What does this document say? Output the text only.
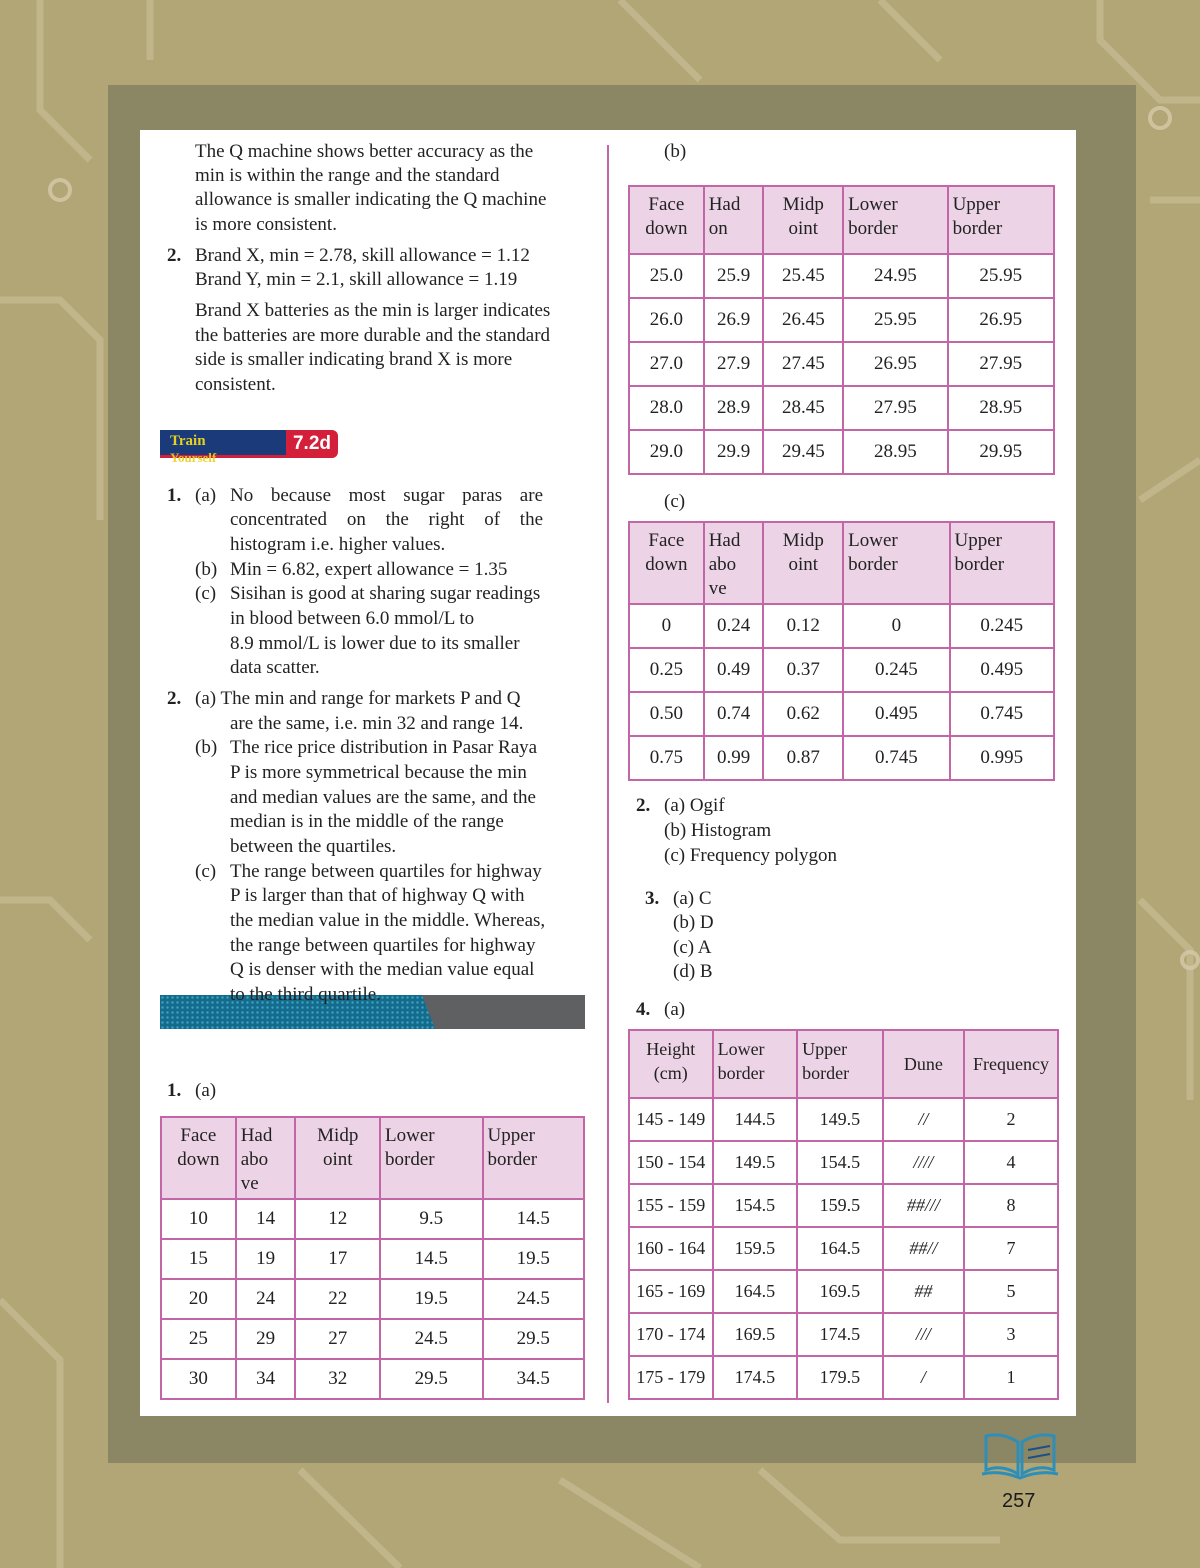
The Q machine shows better accuracy as the
min is within the range and the standard
allowance is smaller indicating the Q machine
is more consistent.
2. Brand X, min = 2.78, skill allowance = 1.12
Brand Y, min = 2.1, skill allowance = 1.19
Brand X batteries as the min is larger indicates
the batteries are more durable and the standard
side is smaller indicating brand X is more
consistent.
Train
Yourself
7.2d
1. (a) No because most sugar paras are
concentrated on the right of the
histogram i.e. higher values.
(b) Min = 6.82, expert allowance = 1.35
(c) Sisihan is good at sharing sugar readings
in blood between 6.0 mmol/L to
8.9 mmol/L is lower due to its smaller
data scatter.
2. (a) The min and range for markets P and Q
are the same, i.e. min 32 and range 14.
(b) The rice price distribution in Pasar Raya
P is more symmetrical because the min
and median values are the same, and the
median is in the middle of the range
between the quartiles.
(c) The range between quartiles for highway
P is larger than that of highway Q with
the median value in the middle. Whereas,
the range between quartiles for highway
Q is denser with the median value equal
to the third quartile.
1. (a)
Face down	Had abo ve	Midp oint	Lower border	Upper border
10	14	12	9.5	14.5
15	19	17	14.5	19.5
20	24	22	19.5	24.5
25	29	27	24.5	29.5
30	34	32	29.5	34.5
(b)
Face down	Had on	Midp oint	Lower border	Upper border
25.0	25.9	25.45	24.95	25.95
26.0	26.9	26.45	25.95	26.95
27.0	27.9	27.45	26.95	27.95
28.0	28.9	28.45	27.95	28.95
29.0	29.9	29.45	28.95	29.95
(c)
Face down	Had abo ve	Midp oint	Lower border	Upper border
0	0.24	0.12	0	0.245
0.25	0.49	0.37	0.245	0.495
0.50	0.74	0.62	0.495	0.745
0.75	0.99	0.87	0.745	0.995
2. (a) Ogif
(b) Histogram
(c) Frequency polygon
3. (a) C
(b) D
(c) A
(d) B
4. (a)
Height (cm)	Lower border	Upper border	Dune	Frequency
145 - 149	144.5	149.5	//	2
150 - 154	149.5	154.5	////	4
155 - 159	154.5	159.5	##///	8
160 - 164	159.5	164.5	##//	7
165 - 169	164.5	169.5	##	5
170 - 174	169.5	174.5	///	3
175 - 179	174.5	179.5	/	1
257
